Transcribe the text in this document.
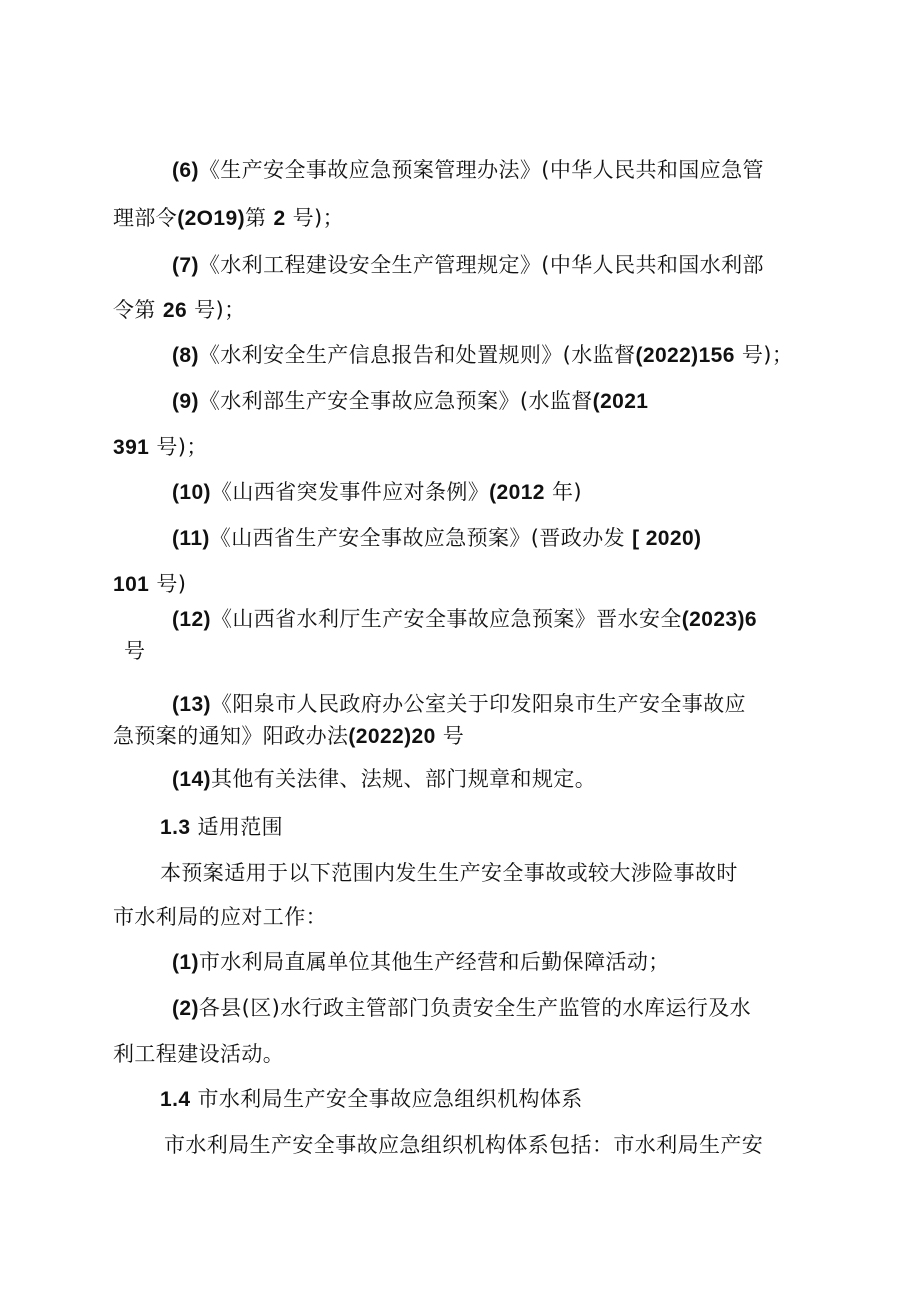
(6)《生产安全事故应急预案管理办法》(中华人民共和国应急管
理部令(2O19)第 2 号)；
(7)《水利工程建设安全生产管理规定》(中华人民共和国水利部
令第 26 号)；
(8)《水利安全生产信息报告和处置规则》(水监督(2022)156 号)；
(9)《水利部生产安全事故应急预案》(水监督(2021
391 号)；
(10)《山西省突发事件应对条例》(2012 年)
(11)《山西省生产安全事故应急预案》(晋政办发 [ 2020)
101 号)
(12)《山西省水利厅生产安全事故应急预案》晋水安全(2023)6
号
(13)《阳泉市人民政府办公室关于印发阳泉市生产安全事故应
急预案的通知》阳政办法(2022)20 号
(14)其他有关法律、法规、部门规章和规定。
1.3 适用范围
本预案适用于以下范围内发生生产安全事故或较大涉险事故时
市水利局的应对工作：
(1)市水利局直属单位其他生产经营和后勤保障活动；
(2)各县(区)水行政主管部门负责安全生产监管的水库运行及水
利工程建设活动。
1.4 市水利局生产安全事故应急组织机构体系
市水利局生产安全事故应急组织机构体系包括：市水利局生产安
